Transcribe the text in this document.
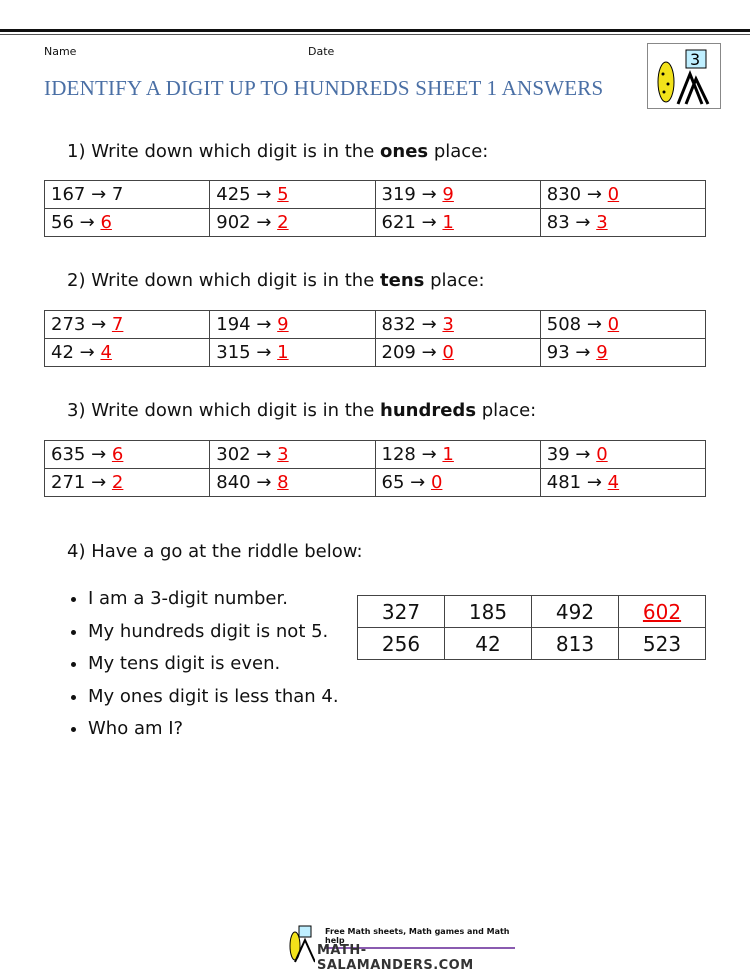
Name	Date
IDENTIFY A DIGIT UP TO HUNDREDS SHEET 1 ANSWERS
3
1) Write down which digit is in the ones place:
167 → 7	425 → 5	319 → 9	830 → 0
56 → 6	902 → 2	621 → 1	83 → 3
2) Write down which digit is in the tens place:
273 → 7	194 → 9	832 → 3	508 → 0
42 → 4	315 → 1	209 → 0	93 → 9
3) Write down which digit is in the hundreds place:
635 → 6	302 → 3	128 → 1	39 → 0
271 → 2	840 → 8	65 → 0	481 → 4
4) Have a go at the riddle below:
• I am a 3-digit number.
• My hundreds digit is not 5.
• My tens digit is even.
• My ones digit is less than 4.
• Who am I?
327	185	492	602
256	42	813	523
Free Math sheets, Math games and Math help
MATH-SALAMANDERS.COM
